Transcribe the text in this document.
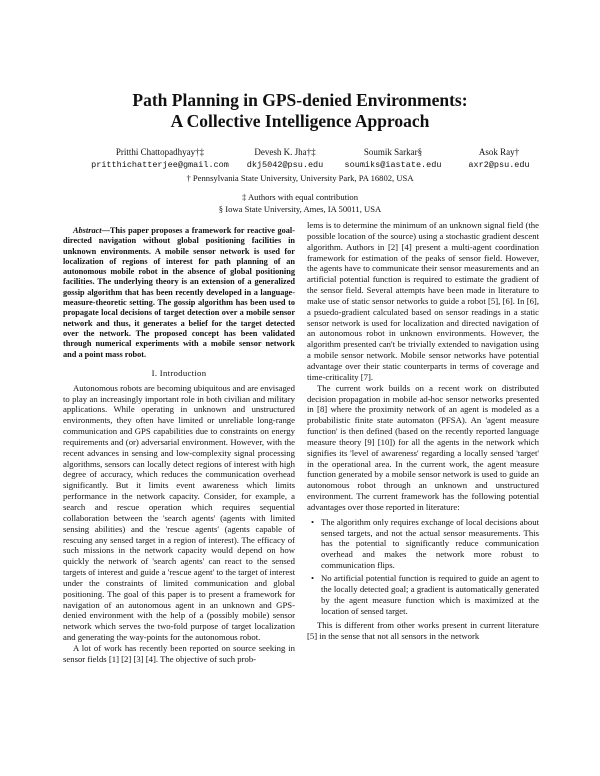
Path Planning in GPS-denied Environments:
A Collective Intelligence Approach
Pritthi Chattopadhyay†‡
pritthichatterjee@gmail.com
Devesh K. Jha†‡
dkj5042@psu.edu
Soumik Sarkar§
soumiks@iastate.edu
Asok Ray†
axr2@psu.edu
† Pennsylvania State University, University Park, PA 16802, USA
‡ Authors with equal contribution
§ Iowa State University, Ames, IA 50011, USA

Abstract—This paper proposes a framework for reactive goal-directed navigation without global positioning facilities in unknown environments. A mobile sensor network is used for localization of regions of interest for path planning of an autonomous mobile robot in the absence of global positioning facilities. The underlying theory is an extension of a generalized gossip algorithm that has been recently developed in a language-measure-theoretic setting. The gossip algorithm has been used to propagate local decisions of target detection over a mobile sensor network and thus, it generates a belief for the target detected over the network. The proposed concept has been validated through numerical experiments with a mobile sensor network and a point mass robot.

I. Introduction

Autonomous robots are becoming ubiquitous and are envisaged to play an increasingly important role in both civilian and military applications. While operating in unknown and unstructured environments, they often have limited or unreliable long-range communication and GPS capabilities due to constraints on energy requirements and (or) adversarial environment. However, with the recent advances in sensing and low-complexity signal processing algorithms, sensors can locally detect regions of interest with high degree of accuracy, which reduces the communication overhead significantly. But it limits event awareness which limits performance in the network capacity. Consider, for example, a search and rescue operation which requires sequential collaboration between the 'search agents' (agents with limited sensing abilities) and the 'rescue agents' (agents capable of rescuing any sensed target in a region of interest). The efficacy of such missions in the network capacity would depend on how quickly the network of 'search agents' can react to the sensed targets of interest and guide a 'rescue agent' to the target of interest under the constraints of limited communication and global positioning. The goal of this paper is to present a framework for navigation of an autonomous agent in an unknown and GPS-denied environment with the help of a (possibly mobile) sensor network which serves the two-fold purpose of target localization and generating the way-points for the autonomous robot.

A lot of work has recently been reported on source seeking in sensor fields [1] [2] [3] [4]. The objective of such prob-

lems is to determine the minimum of an unknown signal field (the possible location of the source) using a stochastic gradient descent algorithm. Authors in [2] [4] present a multi-agent coordination framework for estimation of the peaks of sensor field. However, the agents have to communicate their sensor measurements and an artificial potential function is required to estimate the gradient of the sensor field. Several attempts have been made in literature to make use of static sensor networks to guide a robot [5], [6]. In [6], a psuedo-gradient calculated based on sensor readings in a static sensor network is used for localization and directed navigation of an autonomous robot in unknown environments. However, the algorithm presented can't be trivially extended to navigation using a mobile sensor network. Mobile sensor networks have potential advantage over their static counterparts in terms of coverage and time-criticality [7].

The current work builds on a recent work on distributed decision propagation in mobile ad-hoc sensor networks presented in [8] where the proximity network of an agent is modeled as a probabilistic finite state automaton (PFSA). An 'agent measure function' is then defined (based on the recently reported language measure theory [9] [10]) for all the agents in the network which signifies its 'level of awareness' regarding a locally sensed 'target' in the operational area. In the current work, the agent measure function generated by a mobile sensor network is used to guide an autonomous robot through an unknown and unstructured environment. The current framework has the following potential advantages over those reported in literature:

• The algorithm only requires exchange of local decisions about sensed targets, and not the actual sensor measurements. This has the potential to significantly reduce communication overhead and makes the network more robust to communication flips.
• No artificial potential function is required to guide an agent to the locally detected goal; a gradient is automatically generated by the agent measure function which is maximized at the location of sensed target.

This is different from other works present in current literature [5] in the sense that not all sensors in the network
